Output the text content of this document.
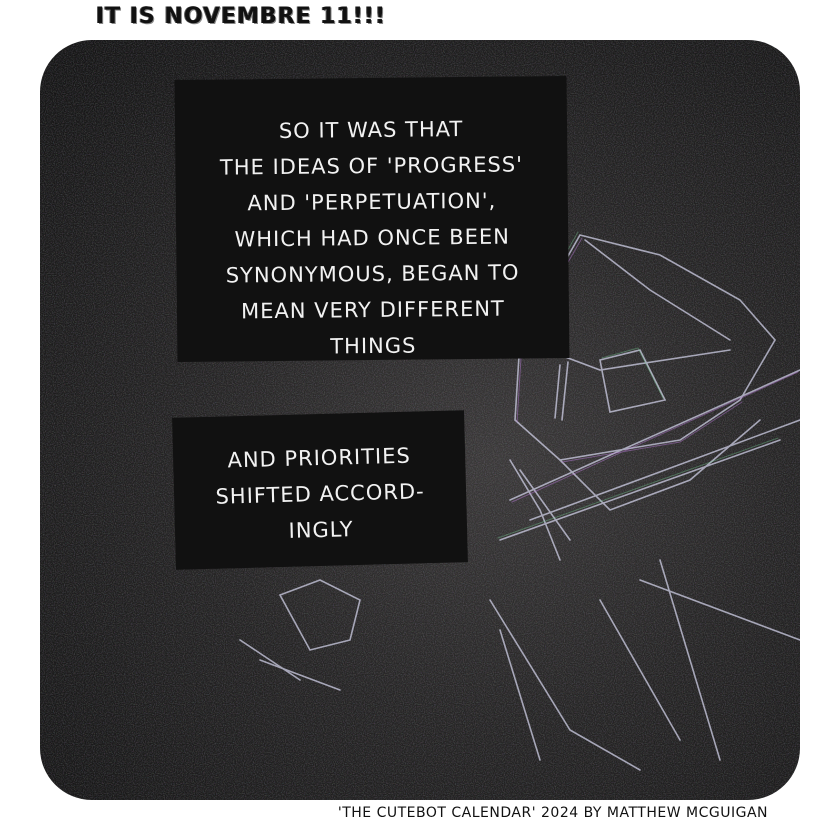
IT IS NOVEMBRE 11!!!
SO IT WAS THAT
THE IDEAS OF 'PROGRESS'
AND 'PERPETUATION',
WHICH HAD ONCE BEEN
SYNONYMOUS, BEGAN TO
MEAN VERY DIFFERENT
THINGS
AND PRIORITIES
SHIFTED ACCORD-
INGLY
'THE CUTEBOT CALENDAR' 2024 BY MATTHEW MCGUIGAN
